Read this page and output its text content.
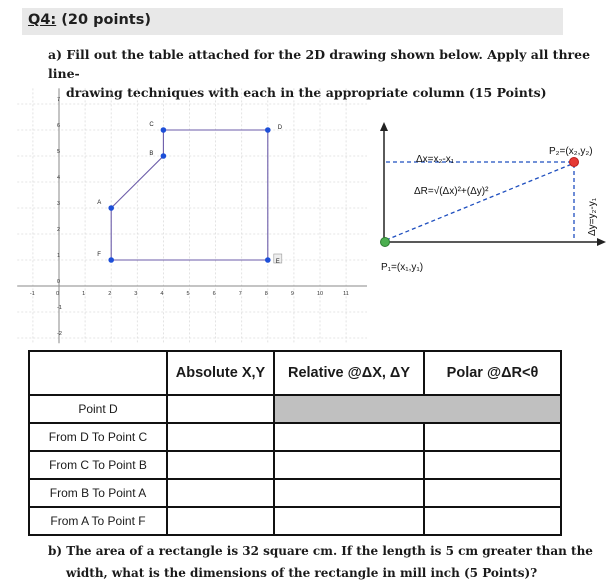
Q4: (20 points)
a) Fill out the table attached for the 2D drawing shown below. Apply all three line-
drawing techniques with each in the appropriate column (15 Points)
-1	0	1	2	3	4	5	6	7	8	9	10	11
7
6
5
4
3
2
1
0
-1
-2
A
B
C	D
E
F
Δx=x₂-x₁
ΔR=√(Δx)²+(Δy)²
P₂=(x₂,y₂)
P₁=(x₁,y₁)
Δy=y₂-y₁
	Absolute X,Y	Relative @ΔX, ΔY	Polar @ΔR<θ
Point D			
From D To Point C			
From C To Point B			
From B To Point A			
From A To Point F			
b) The area of a rectangle is 32 square cm. If the length is 5 cm greater than the
width, what is the dimensions of the rectangle in mill inch (5 Points)?
